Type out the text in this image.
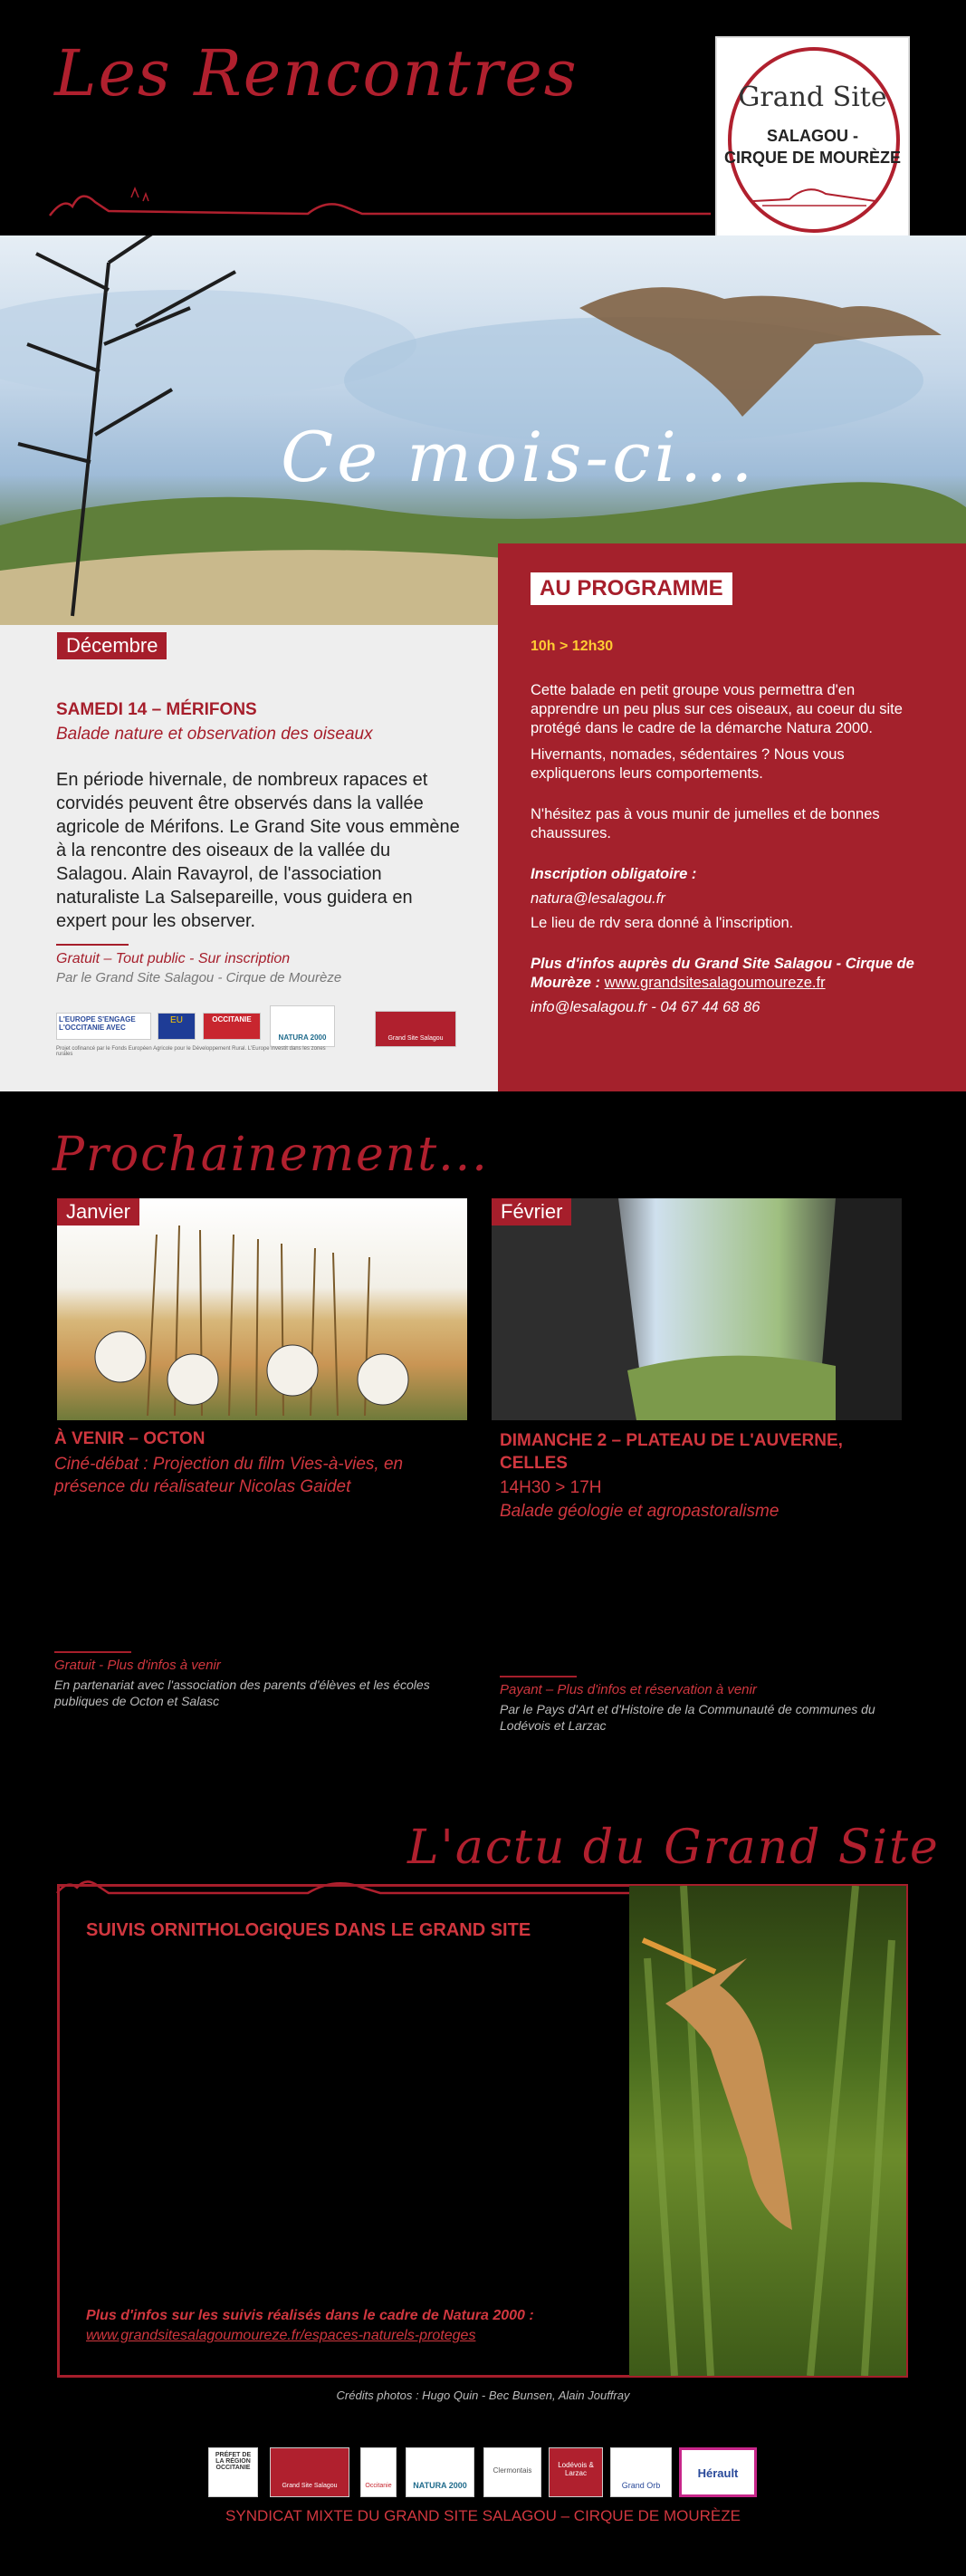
Les Rencontres	Grand Site
SALAGOU -
CIRQUE DE MOURÈZE
Ce mois-ci...
Décembre
AU PROGRAMME
SAMEDI 14 – MÉRIFONS
Balade nature et observation des oiseaux
En période hivernale, de nombreux rapaces et corvidés peuvent être observés dans la vallée agricole de Mérifons. Le Grand Site vous emmène à la rencontre des oiseaux de la vallée du Salagou. Alain Ravayrol, de l'association naturaliste La Salsepareille, vous guidera en expert pour les observer.
Gratuit – Tout public - Sur inscription
Par le Grand Site Salagou - Cirque de Mourèze
L'EUROPE S'ENGAGE L'OCCITANIE AVEC
EU	OCCITANIE
NATURA 2000	Grand Site Salagou
Projet cofinancé par le Fonds Européen Agricole pour le Développement Rural. L'Europe investit dans les zones rurales
10h > 12h30

Cette balade en petit groupe vous permettra d'en apprendre un peu plus sur ces oiseaux, au coeur du site protégé dans le cadre de la démarche Natura 2000.

Hivernants, nomades, sédentaires ? Nous vous expliquerons leurs comportements.

N'hésitez pas à vous munir de jumelles et de bonnes chaussures.

Inscription obligatoire :

natura@lesalagou.fr

Le lieu de rdv sera donné à l'inscription.

Plus d'infos auprès du Grand Site Salagou - Cirque de Mourèze : www.grandsitesalagoumoureze.fr

info@lesalagou.fr - 04 67 44 68 86

Prochainement...
Janvier	Février
À VENIR – OCTON
Ciné-débat : Projection du film Vies-à-vies, en présence du réalisateur Nicolas Gaidet
Gratuit - Plus d'infos à venir
En partenariat avec l'association des parents d'élèves et les écoles publiques de Octon et Salasc
DIMANCHE 2 – PLATEAU DE L'AUVERNE, CELLES
14H30 > 17H
Balade géologie et agropastoralisme
Payant – Plus d'infos et réservation à venir
Par le Pays d'Art et d'Histoire de la Communauté de communes du Lodévois et Larzac
L'actu du Grand Site
SUIVIS ORNITHOLOGIQUES DANS LE GRAND SITE
Plus d'infos sur les suivis réalisés dans le cadre de Natura 2000 :
www.grandsitesalagoumoureze.fr/espaces-naturels-proteges
Crédits photos : Hugo Quin - Bec Bunsen, Alain Jouffray
PRÉFET DE LA RÉGION OCCITANIE
Grand Site Salagou	Occitanie	NATURA 2000
Clermontais
Lodévois & Larzac
Grand Orb
Hérault
SYNDICAT MIXTE DU GRAND SITE SALAGOU – CIRQUE DE MOURÈZE
